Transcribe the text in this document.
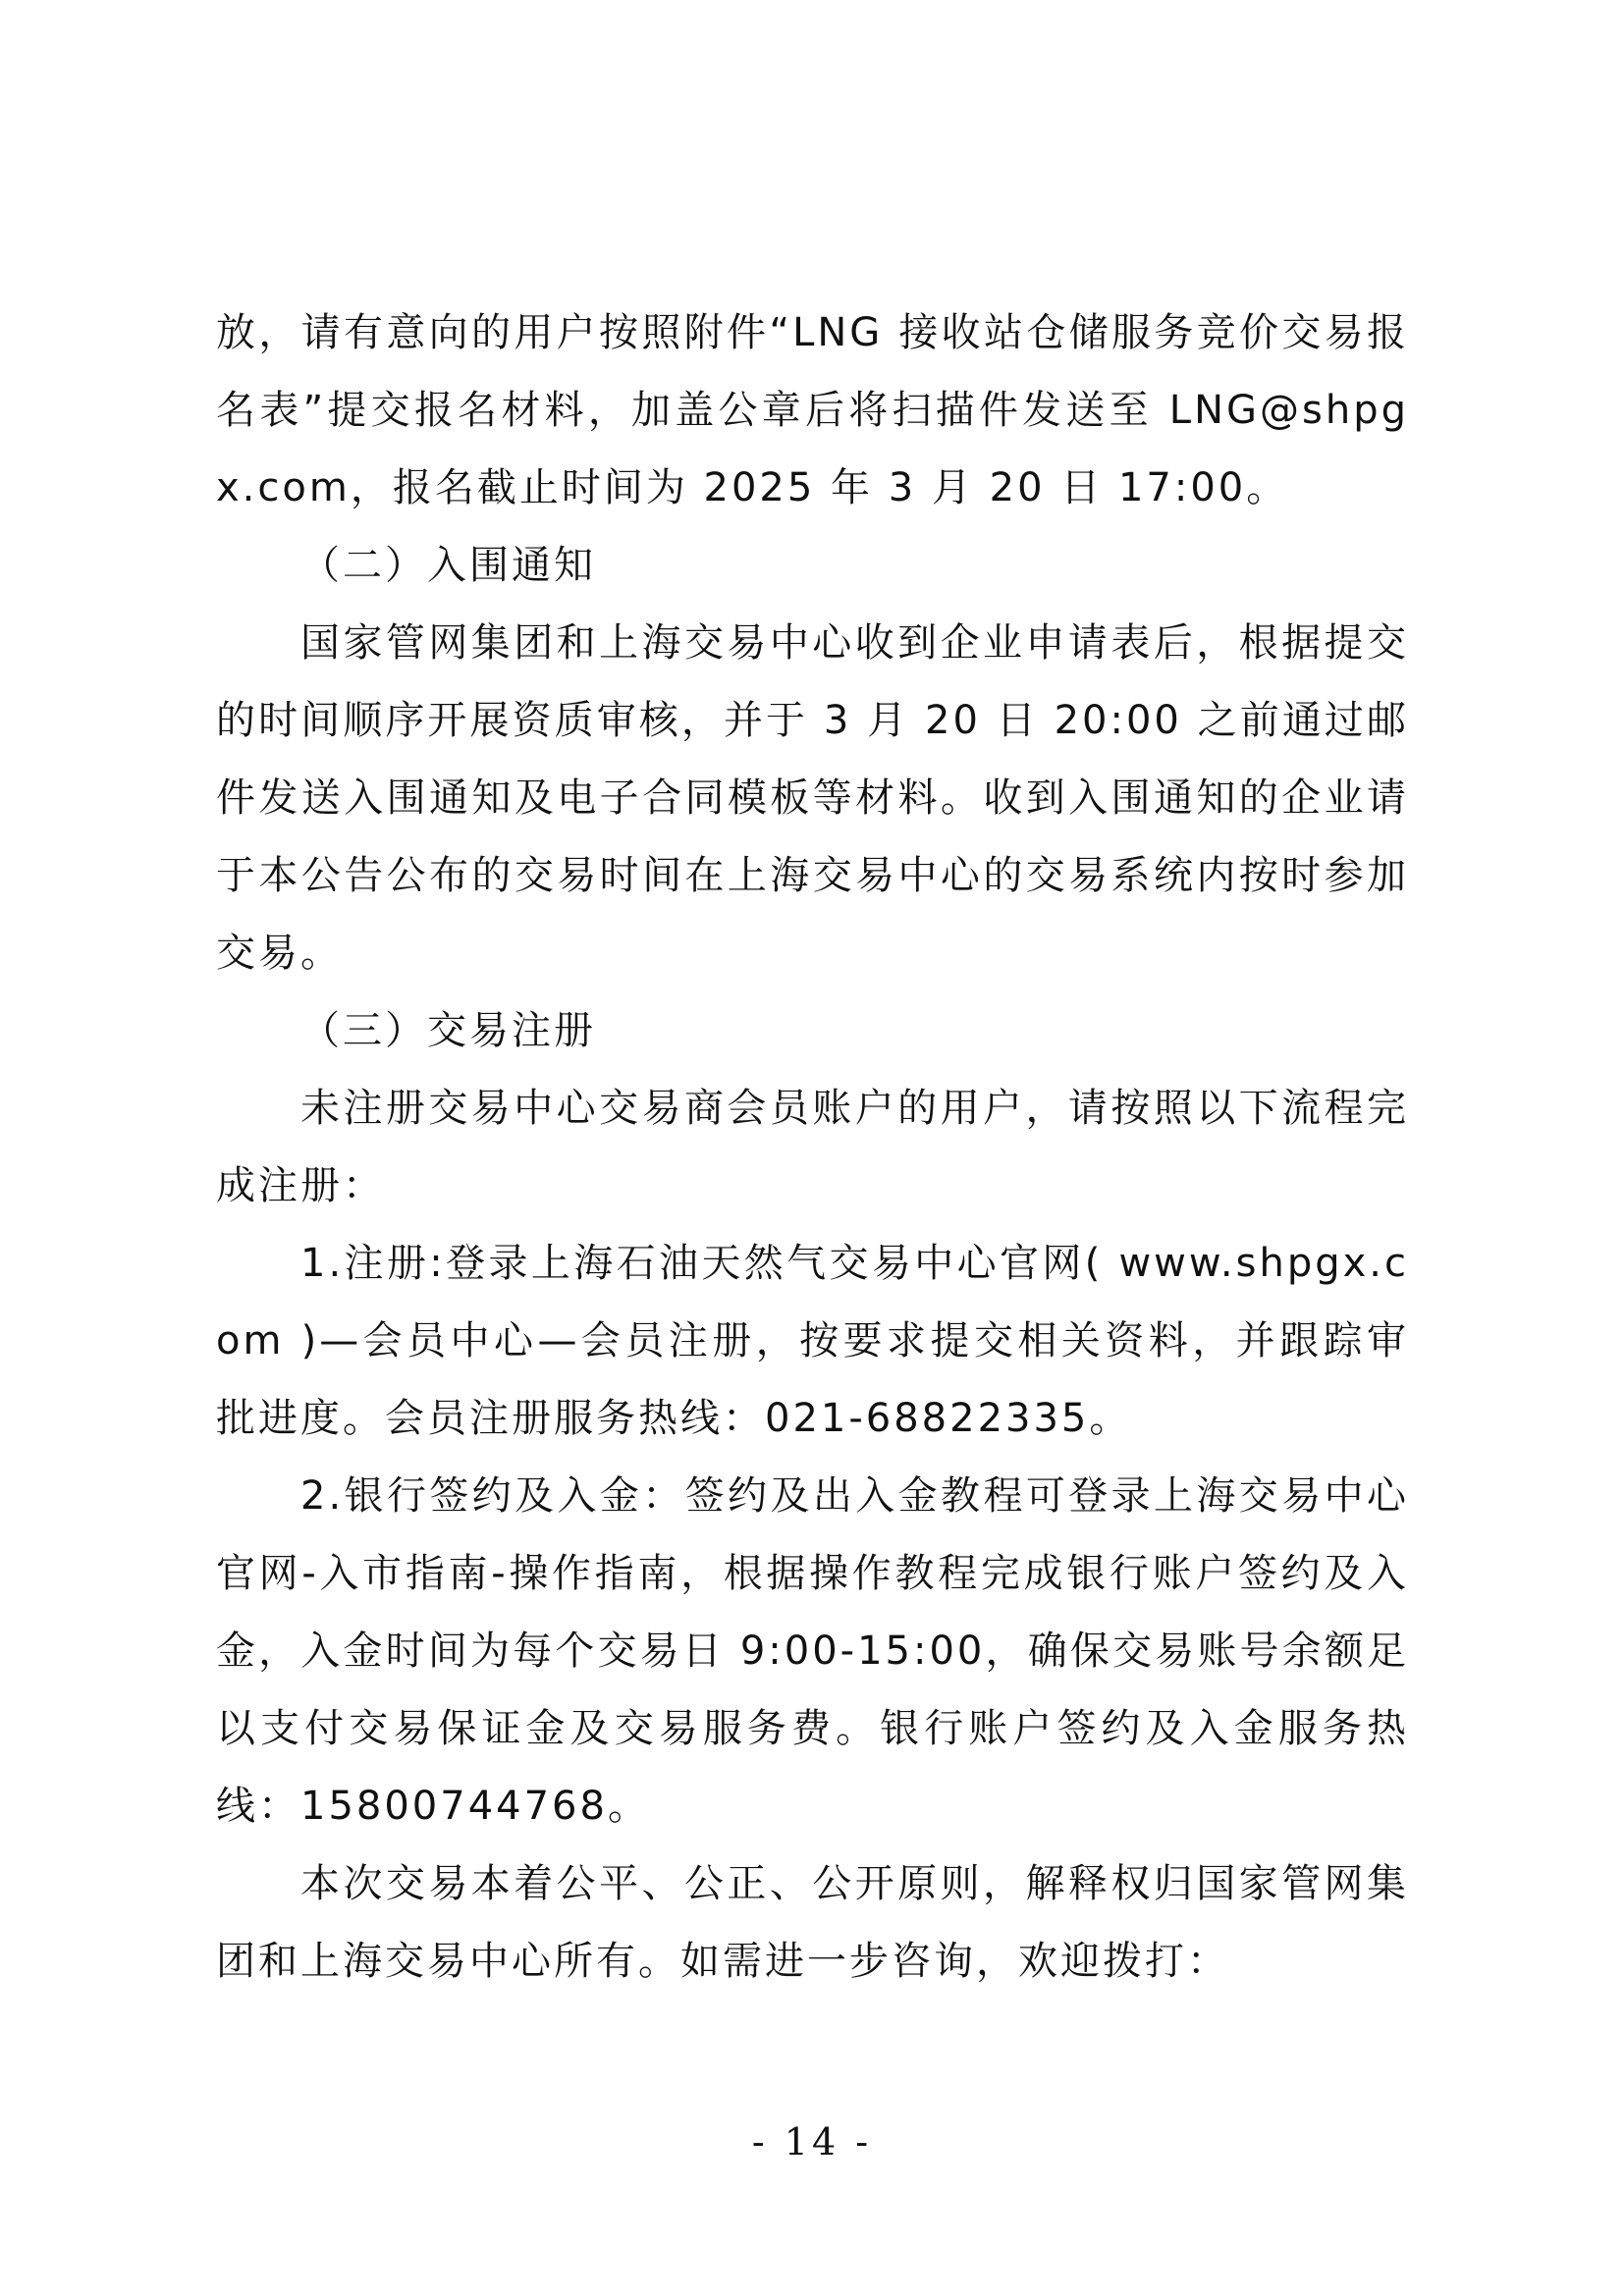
放，请有意向的用户按照附件“LNG 接收站仓储服务竞价交易报名表”提交报名材料，加盖公章后将扫描件发送至 LNG@shpgx.com，报名截止时间为 2025 年 3 月 20 日 17:00。

（二）入围通知

国家管网集团和上海交易中心收到企业申请表后，根据提交的时间顺序开展资质审核，并于 3 月 20 日 20:00 之前通过邮件发送入围通知及电子合同模板等材料。收到入围通知的企业请于本公告公布的交易时间在上海交易中心的交易系统内按时参加交易。

（三）交易注册

未注册交易中心交易商会员账户的用户，请按照以下流程完成注册：

1.注册:登录上海石油天然气交易中心官网( www.shpgx.com )—会员中心—会员注册，按要求提交相关资料，并跟踪审批进度。会员注册服务热线：021-68822335。

2.银行签约及入金：签约及出入金教程可登录上海交易中心官网-入市指南-操作指南，根据操作教程完成银行账户签约及入金，入金时间为每个交易日 9:00-15:00，确保交易账号余额足以支付交易保证金及交易服务费。银行账户签约及入金服务热线：15800744768。

本次交易本着公平、公正、公开原则，解释权归国家管网集团和上海交易中心所有。如需进一步咨询，欢迎拨打：

- 14 -
